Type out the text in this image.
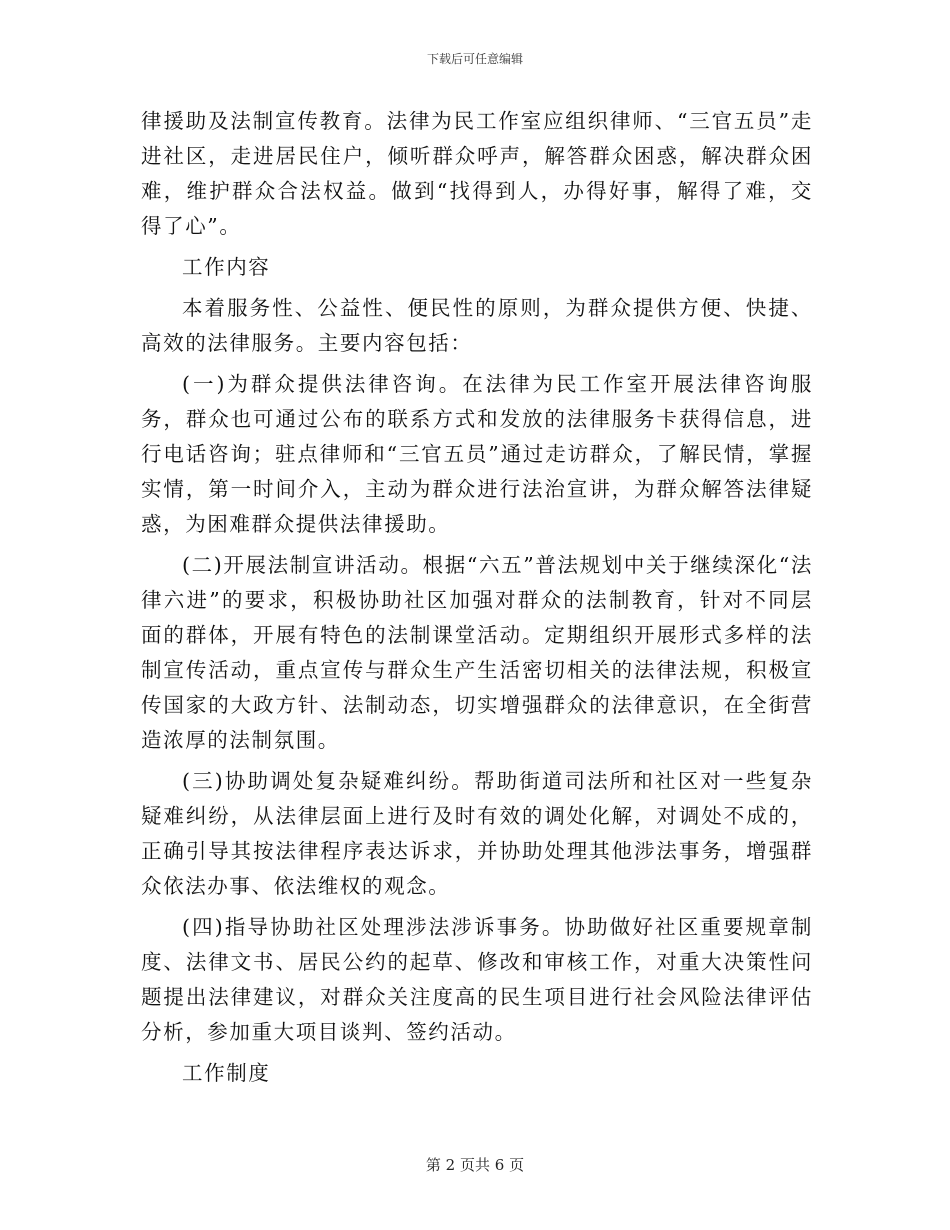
下载后可任意编辑

律援助及法制宣传教育。法律为民工作室应组织律师、“三官五员”走进社区，走进居民住户，倾听群众呼声，解答群众困惑，解决群众困难，维护群众合法权益。做到“找得到人，办得好事，解得了难，交得了心”。

工作内容

本着服务性、公益性、便民性的原则，为群众提供方便、快捷、高效的法律服务。主要内容包括：

(一)为群众提供法律咨询。在法律为民工作室开展法律咨询服务，群众也可通过公布的联系方式和发放的法律服务卡获得信息，进行电话咨询；驻点律师和“三官五员”通过走访群众，了解民情，掌握实情，第一时间介入，主动为群众进行法治宣讲，为群众解答法律疑惑，为困难群众提供法律援助。

(二)开展法制宣讲活动。根据“六五”普法规划中关于继续深化“法律六进”的要求，积极协助社区加强对群众的法制教育，针对不同层面的群体，开展有特色的法制课堂活动。定期组织开展形式多样的法制宣传活动，重点宣传与群众生产生活密切相关的法律法规，积极宣传国家的大政方针、法制动态，切实增强群众的法律意识，在全街营造浓厚的法制氛围。

(三)协助调处复杂疑难纠纷。帮助街道司法所和社区对一些复杂疑难纠纷，从法律层面上进行及时有效的调处化解，对调处不成的，正确引导其按法律程序表达诉求，并协助处理其他涉法事务，增强群众依法办事、依法维权的观念。

(四)指导协助社区处理涉法涉诉事务。协助做好社区重要规章制度、法律文书、居民公约的起草、修改和审核工作，对重大决策性问题提出法律建议，对群众关注度高的民生项目进行社会风险法律评估分析，参加重大项目谈判、签约活动。

工作制度

第 2 页共 6 页
